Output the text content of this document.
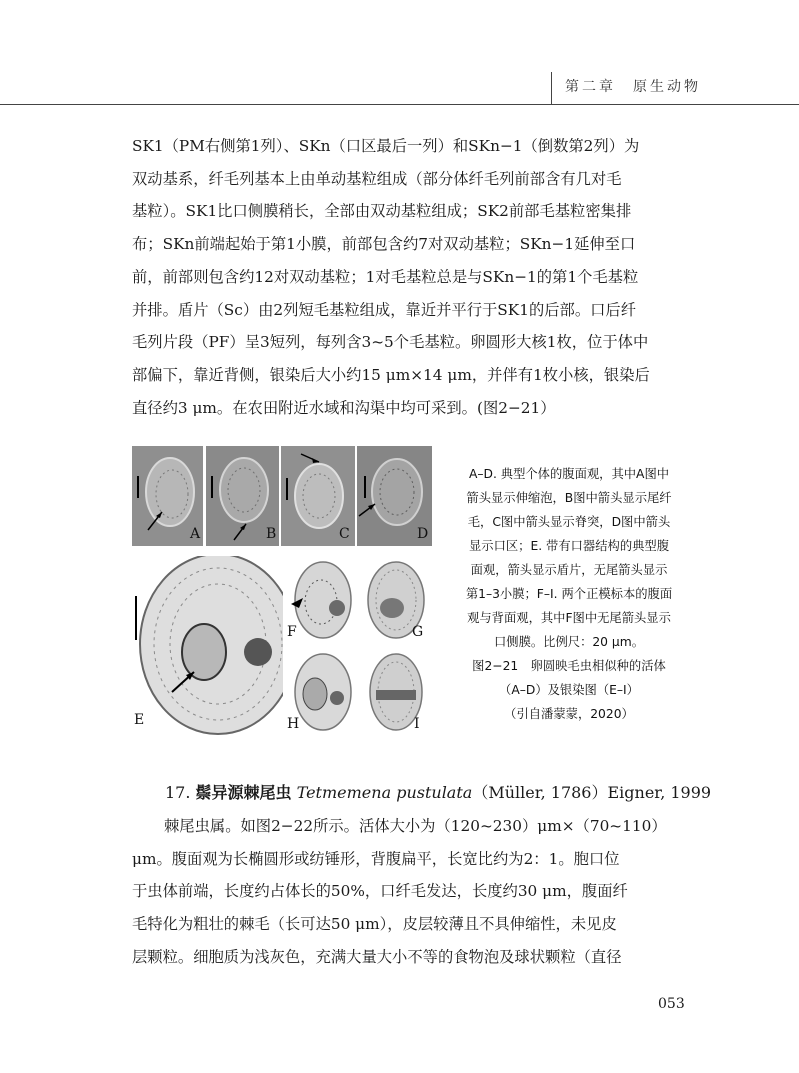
第二章　原生动物
SK1（PM右侧第1列）、SKn（口区最后一列）和SKn−1（倒数第2列）为
双动基系，纤毛列基本上由单动基粒组成（部分体纤毛列前部含有几对毛
基粒）。SK1比口侧膜稍长，全部由双动基粒组成；SK2前部毛基粒密集排
布；SKn前端起始于第1小膜，前部包含约7对双动基粒；SKn−1延伸至口
前，前部则包含约12对双动基粒；1对毛基粒总是与SKn−1的第1个毛基粒
并排。盾片（Sc）由2列短毛基粒组成，靠近并平行于SK1的后部。口后纤
毛列片段（PF）呈3短列，每列含3~5个毛基粒。卵圆形大核1枚，位于体中
部偏下，靠近背侧，银染后大小约15 μm×14 μm，并伴有1枚小核，银染后
直径约3 μm。在农田附近水域和沟渠中均可采到。(图2−21）
A	B	C	D
E
F	G
H	I
A–D. 典型个体的腹面观，其中A图中
箭头显示伸缩泡，B图中箭头显示尾纤
毛，C图中箭头显示脊突，D图中箭头
显示口区；E. 带有口器结构的典型腹
面观，箭头显示盾片，无尾箭头显示
第1–3小膜；F–I. 两个正模标本的腹面
观与背面观，其中F图中无尾箭头显示
口侧膜。比例尺：20 μm。
图2−21　卵圆映毛虫相似种的活体
（A–D）及银染图（E–I）
（引自潘蒙蒙，2020）
17. 鬃异源棘尾虫 Tetmemena pustulata（Müller, 1786）Eigner, 1999
棘尾虫属。如图2−22所示。活体大小为（120~230）μm×（70~110）
μm。腹面观为长椭圆形或纺锤形，背腹扁平，长宽比约为2：1。胞口位
于虫体前端，长度约占体长的50%，口纤毛发达，长度约30 μm，腹面纤
毛特化为粗壮的棘毛（长可达50 μm），皮层较薄且不具伸缩性，未见皮
层颗粒。细胞质为浅灰色，充满大量大小不等的食物泡及球状颗粒（直径
053
